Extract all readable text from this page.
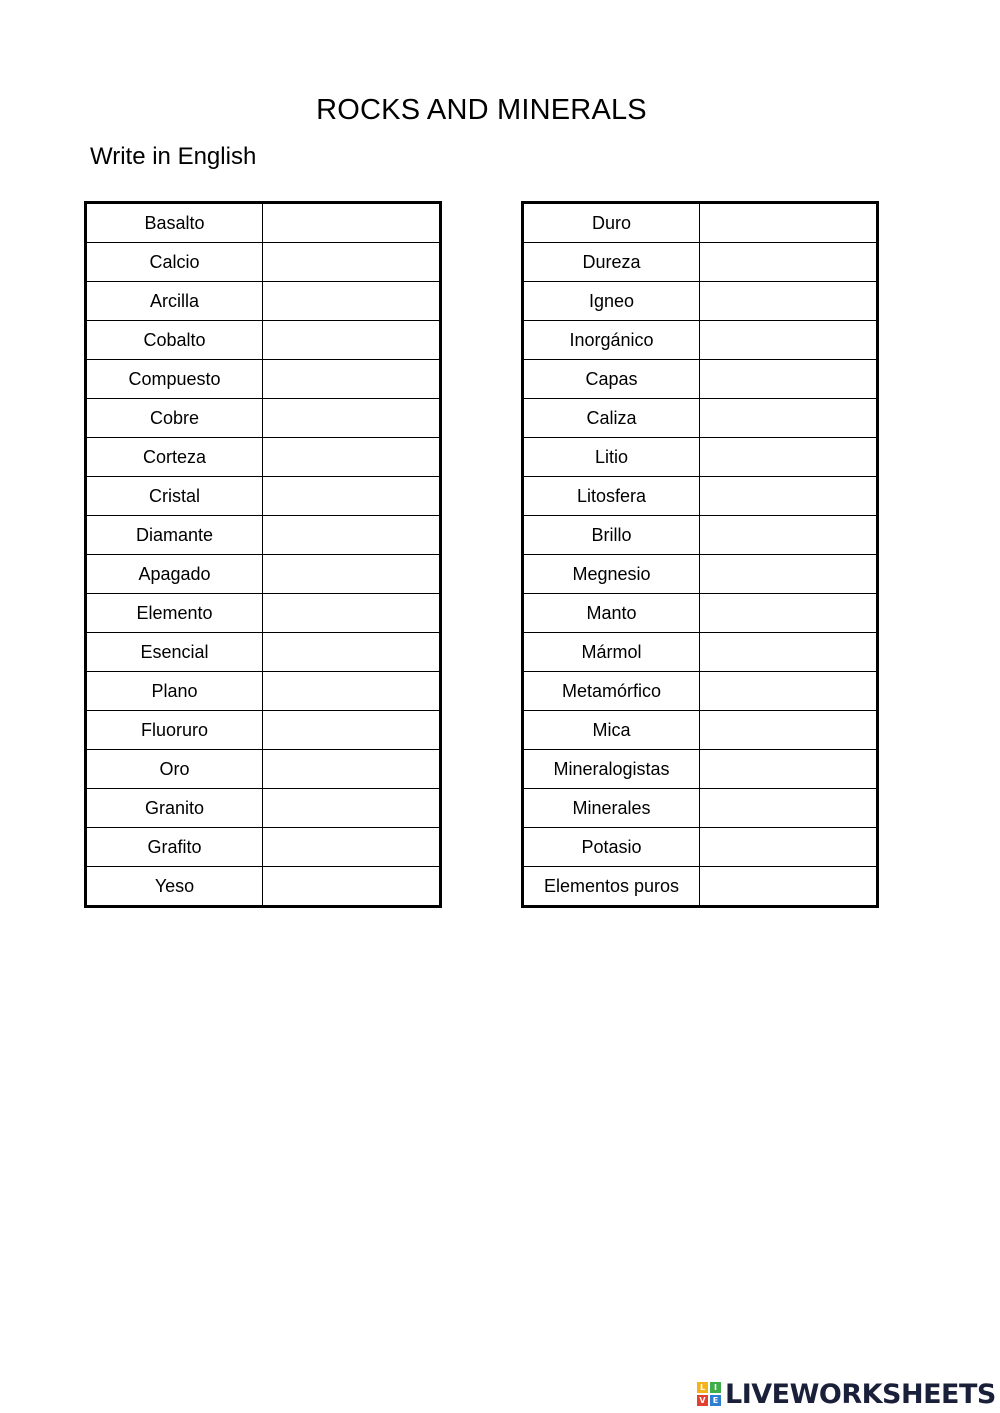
ROCKS AND MINERALS
Write in English
Basalto	
Calcio	
Arcilla	
Cobalto	
Compuesto	
Cobre	
Corteza	
Cristal	
Diamante	
Apagado	
Elemento	
Esencial	
Plano	
Fluoruro	
Oro	
Granito	
Grafito	
Yeso	
Duro	
Dureza	
Igneo	
Inorgánico	
Capas	
Caliza	
Litio	
Litosfera	
Brillo	
Megnesio	
Manto	
Mármol	
Metamórfico	
Mica	
Mineralogistas	
Minerales	
Potasio	
Elementos puros	
L	I
V E LIVEWORKSHEETS
